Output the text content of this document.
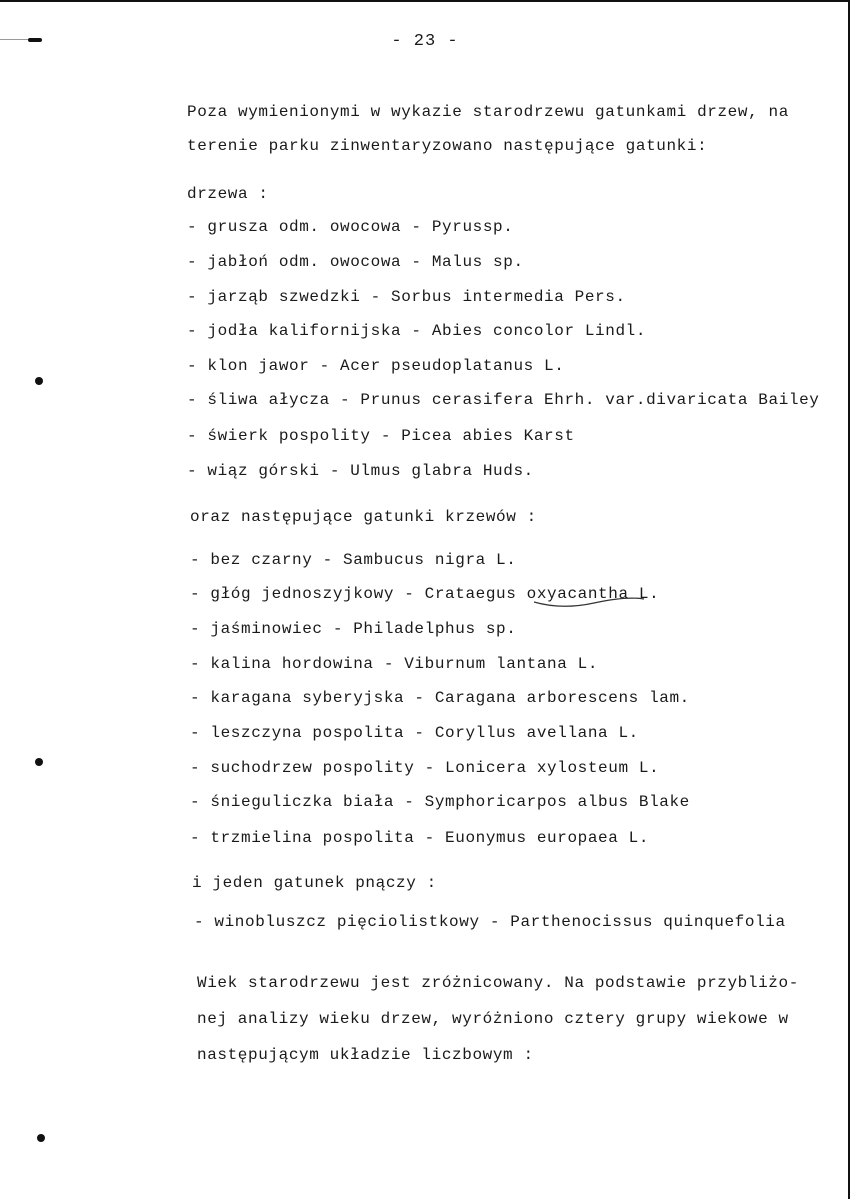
- 23 -
Poza wymienionymi w wykazie starodrzewu gatunkami drzew, na
terenie parku zinwentaryzowano następujące gatunki:
drzewa :
- grusza odm. owocowa - Pyrussp.
- jabłoń odm. owocowa - Malus sp.
- jarząb szwedzki - Sorbus intermedia Pers.
- jodła kalifornijska - Abies concolor Lindl.
- klon jawor - Acer pseudoplatanus L.
- śliwa ałycza - Prunus cerasifera Ehrh. var.divaricata Bailey
- świerk pospolity - Picea abies Karst
- wiąz górski - Ulmus glabra Huds.
oraz następujące gatunki krzewów :
- bez czarny - Sambucus nigra L.
- głóg jednoszyjkowy - Crataegus oxyacantha L.
- jaśminowiec - Philadelphus sp.
- kalina hordowina - Viburnum lantana L.
- karagana syberyjska - Caragana arborescens lam.
- leszczyna pospolita - Coryllus avellana L.
- suchodrzew pospolity - Lonicera xylosteum L.
- śnieguliczka biała - Symphoricarpos albus Blake
- trzmielina pospolita - Euonymus europaea L.
i jeden gatunek pnączy :
- winobluszcz pięciolistkowy - Parthenocissus quinquefolia
Wiek starodrzewu jest zróżnicowany. Na podstawie przybliżo-
nej analizy wieku drzew, wyróżniono cztery grupy wiekowe w
następującym układzie liczbowym :
